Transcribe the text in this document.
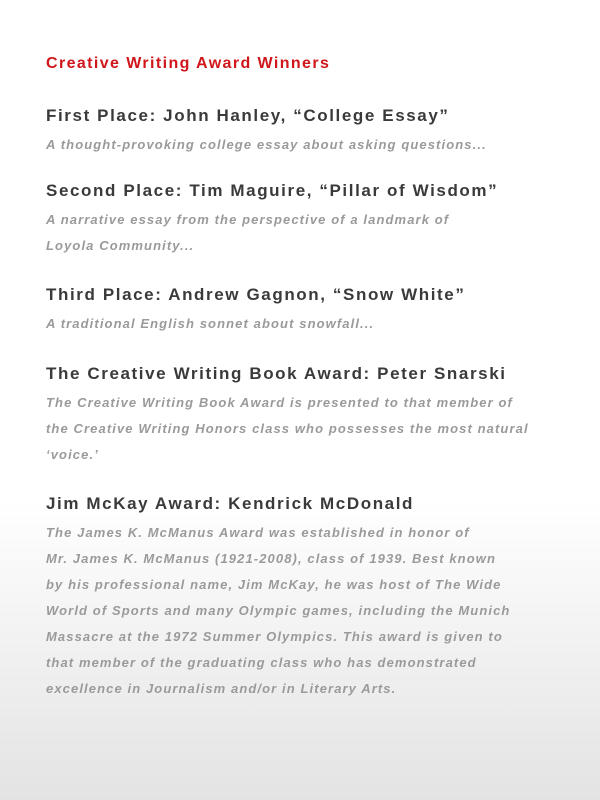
Creative Writing Award Winners
First Place: John Hanley, “College Essay”
A thought-provoking college essay about asking questions...
Second Place: Tim Maguire, “Pillar of Wisdom”
A narrative essay from the perspective of a landmark of
Loyola Community...
Third Place: Andrew Gagnon, “Snow White”
A traditional English sonnet about snowfall...
The Creative Writing Book Award: Peter Snarski
The Creative Writing Book Award is presented to that member of
the Creative Writing Honors class who possesses the most natural
‘voice.’
Jim McKay Award: Kendrick McDonald
The James K. McManus Award was established in honor of
Mr. James K. McManus (1921-2008), class of 1939. Best known
by his professional name, Jim McKay, he was host of The Wide
World of Sports and many Olympic games, including the Munich
Massacre at the 1972 Summer Olympics. This award is given to
that member of the graduating class who has demonstrated
excellence in Journalism and/or in Literary Arts.
